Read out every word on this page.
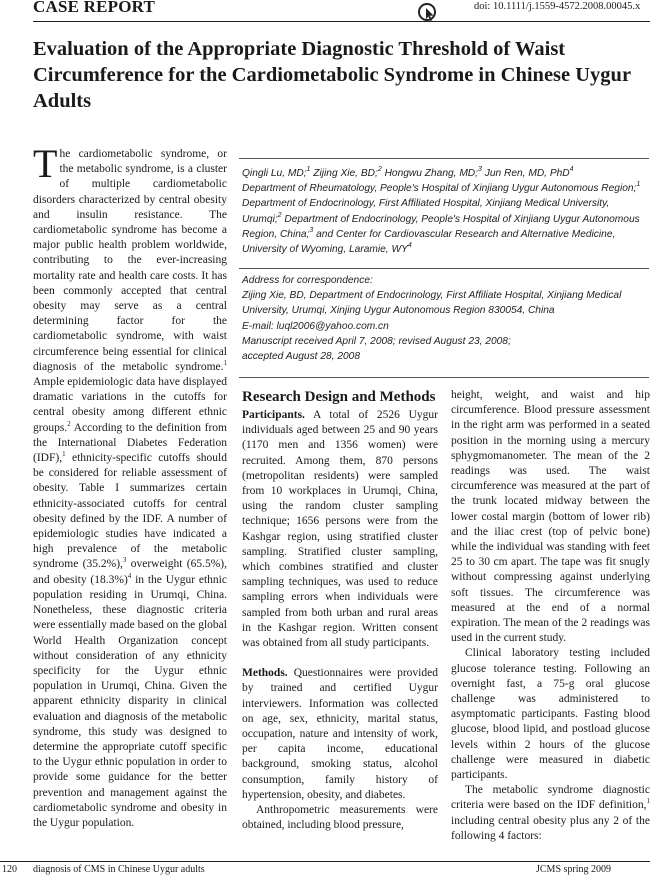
CASE REPORT	doi: 10.1111/j.1559-4572.2008.00045.x
Evaluation of the Appropriate Diagnostic Threshold of Waist Circumference for the Cardiometabolic Syndrome in Chinese Uygur Adults

The cardiometabolic syndrome, or the metabolic syndrome, is a cluster of multiple cardiometabolic disorders characterized by central obesity and insulin resistance. The cardiometabolic syndrome has become a major public health problem worldwide, contributing to the ever-increasing mortality rate and health care costs. It has been commonly accepted that central obesity may serve as a central determining factor for the cardiometabolic syndrome, with waist circumference being essential for clinical diagnosis of the metabolic syndrome.$^1$ Ample epidemiologic data have displayed dramatic variations in the cutoffs for central obesity among different ethnic groups.$^2$ According to the definition from the International Diabetes Federation (IDF),$^1$ ethnicity-specific cutoffs should be considered for reliable assessment of obesity. Table I summarizes certain ethnicity-associated cutoffs for central obesity defined by the IDF. A number of epidemiologic studies have indicated a high prevalence of the metabolic syndrome (35.2%),$^3$ overweight (65.5%), and obesity $(18.3\%)^4$ in the Uygur ethnic population residing in Urumqi, China. Nonetheless, these diagnostic criteria were essentially made based on the global World Health Organization concept without consideration of any ethnicity specificity for the Uygur ethnic population in Urumqi, China. Given the apparent ethnicity disparity in clinical evaluation and diagnosis of the metabolic syndrome, this study was designed to determine the appropriate cutoff specific to the Uygur ethnic population in order to provide some guidance for the better prevention and management against the cardiometabolic syndrome and obesity in the Uygur population.

Qingli Lu, MD;$^1$ Zijing Xie, BD;$^2$ Hongwu Zhang, MD;$^3$ Jun Ren, MD, PhD$^4$
Department of Rheumatology, People's Hospital of Xinjiang Uygur Autonomous Region;$^1$ Department of Endocrinology, First Affiliated Hospital, Xinjiang Medical University, Urumqi;$^2$ Department of Endocrinology, People's Hospital of Xinjiang Uygur Autonomous Region, China;$^3$ and Center for Cardiovascular Research and Alternative Medicine, University of Wyoming, Laramie, $WY^4$
Address for correspondence:
Zijing Xie, BD, Department of Endocrinology, First Affiliate Hospital, Xinjiang Medical University, Urumqi, Xinjing Uygur Autonomous Region 830054, China
E-mail: luql2006@yahoo.com.cn
Manuscript received April 7, 2008; revised August 23, 2008;
accepted August 28, 2008
Research Design and Methods

Participants. A total of 2526 Uygur individuals aged between 25 and 90 years (1170 men and 1356 women) were recruited. Among them, 870 persons (metropolitan residents) were sampled from 10 workplaces in Urumqi, China, using the random cluster sampling technique; 1656 persons were from the Kashgar region, using stratified cluster sampling. Stratified cluster sampling, which combines stratified and cluster sampling techniques, was used to reduce sampling errors when individuals were sampled from both urban and rural areas in the Kashgar region. Written consent was obtained from all study participants.

Methods. Questionnaires were provided by trained and certified Uygur interviewers. Information was collected on age, sex, ethnicity, marital status, occupation, nature and intensity of work, per capita income, educational background, smoking status, alcohol consumption, family history of hypertension, obesity, and diabetes.

Anthropometric measurements were obtained, including blood pressure,

height, weight, and waist and hip circumference. Blood pressure assessment in the right arm was performed in a seated position in the morning using a mercury sphygmomanometer. The mean of the 2 readings was used. The waist circumference was measured at the part of the trunk located midway between the lower costal margin (bottom of lower rib) and the iliac crest (top of pelvic bone) while the individual was standing with feet 25 to 30 cm apart. The tape was fit snugly without compressing against underlying soft tissues. The circumference was measured at the end of a normal expiration. The mean of the 2 readings was used in the current study.

Clinical laboratory testing included glucose tolerance testing. Following an overnight fast, a 75-g oral glucose challenge was administered to asymptomatic participants. Fasting blood glucose, blood lipid, and postload glucose levels within 2 hours of the glucose challenge were measured in diabetic participants.

The metabolic syndrome diagnostic criteria were based on the IDF definition,$^1$ including central obesity plus any 2 of the following 4 factors:

120 diagnosis of CMS in Chinese Uygur adults	JCMS spring 2009
